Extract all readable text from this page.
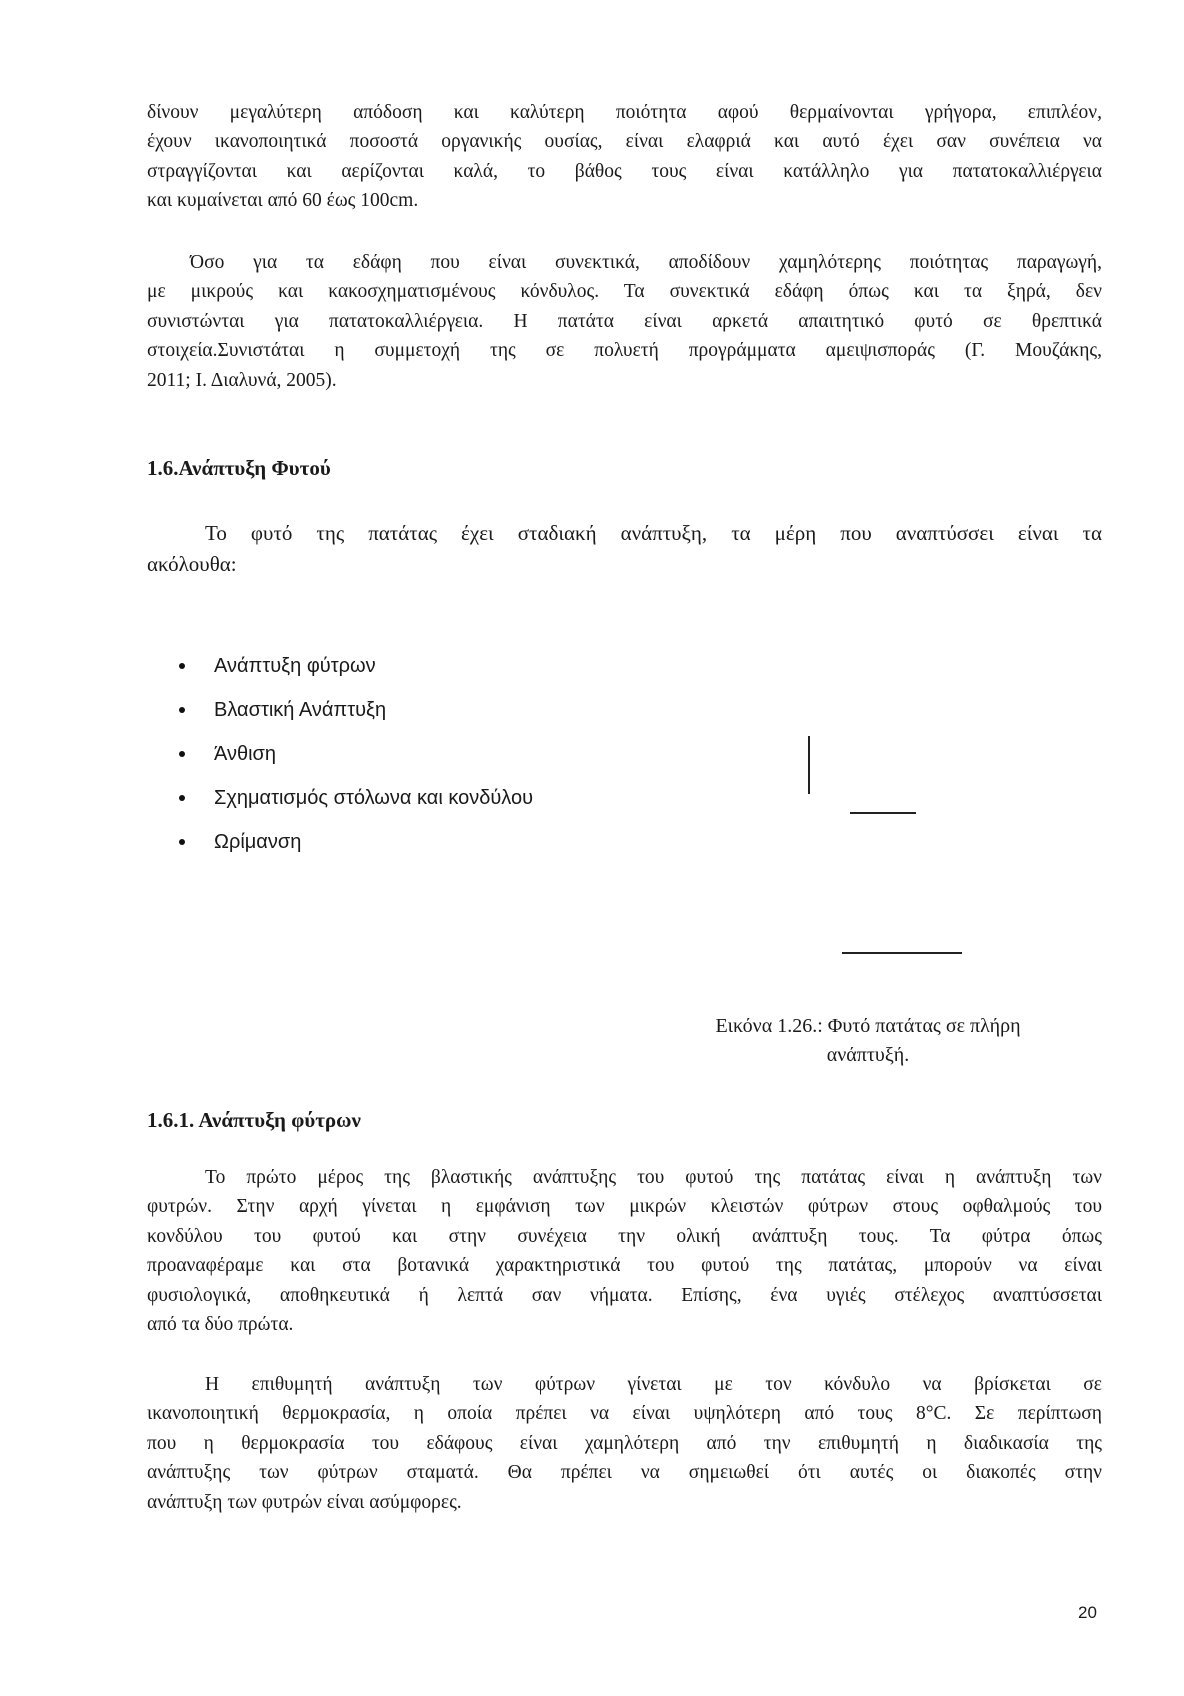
δίνουν μεγαλύτερη απόδοση και καλύτερη ποιότητα αφού θερμαίνονται γρήγορα, επιπλέον,
έχουν ικανοποιητικά ποσοστά οργανικής ουσίας, είναι ελαφριά και αυτό έχει σαν συνέπεια να
στραγγίζονται και αερίζονται καλά, το βάθος τους είναι κατάλληλο για πατατοκαλλιέργεια
και κυμαίνεται από 60 έως 100cm.
Όσο για τα εδάφη που είναι συνεκτικά, αποδίδουν χαμηλότερης ποιότητας παραγωγή,
με μικρούς και κακοσχηματισμένους κόνδυλος. Τα συνεκτικά εδάφη όπως και τα ξηρά, δεν
συνιστώνται για πατατοκαλλιέργεια. Η πατάτα είναι αρκετά απαιτητικό φυτό σε θρεπτικά
στοιχεία.Συνιστάται η συμμετοχή της σε πολυετή προγράμματα αμειψισποράς (Γ. Μουζάκης,
2011; Ι. Διαλυνά, 2005).
1.6.Ανάπτυξη Φυτού
Το φυτό της πατάτας έχει σταδιακή ανάπτυξη, τα μέρη που αναπτύσσει είναι τα
ακόλουθα:
Ανάπτυξη φύτρων
Βλαστική Ανάπτυξη
Άνθιση
Σχηματισμός στόλωνα και κονδύλου
Ωρίμανση
Εικόνα 1.26.: Φυτό πατάτας σε πλήρη
ανάπτυξή.
1.6.1. Ανάπτυξη φύτρων
Το πρώτο μέρος της βλαστικής ανάπτυξης του φυτού της πατάτας είναι η ανάπτυξη των
φυτρών. Στην αρχή γίνεται η εμφάνιση των μικρών κλειστών φύτρων στους οφθαλμούς του
κονδύλου του φυτού και στην συνέχεια την ολική ανάπτυξη τους. Τα φύτρα όπως
προαναφέραμε και στα βοτανικά χαρακτηριστικά του φυτού της πατάτας, μπορούν να είναι
φυσιολογικά, αποθηκευτικά ή λεπτά σαν νήματα. Επίσης, ένα υγιές στέλεχος αναπτύσσεται
από τα δύο πρώτα.
Η επιθυμητή ανάπτυξη των φύτρων γίνεται με τον κόνδυλο να βρίσκεται σε
ικανοποιητική θερμοκρασία, η οποία πρέπει να είναι υψηλότερη από τους 8°C. Σε περίπτωση
που η θερμοκρασία του εδάφους είναι χαμηλότερη από την επιθυμητή η διαδικασία της
ανάπτυξης των φύτρων σταματά. Θα πρέπει να σημειωθεί ότι αυτές οι διακοπές στην
ανάπτυξη των φυτρών είναι ασύμφορες.
20
